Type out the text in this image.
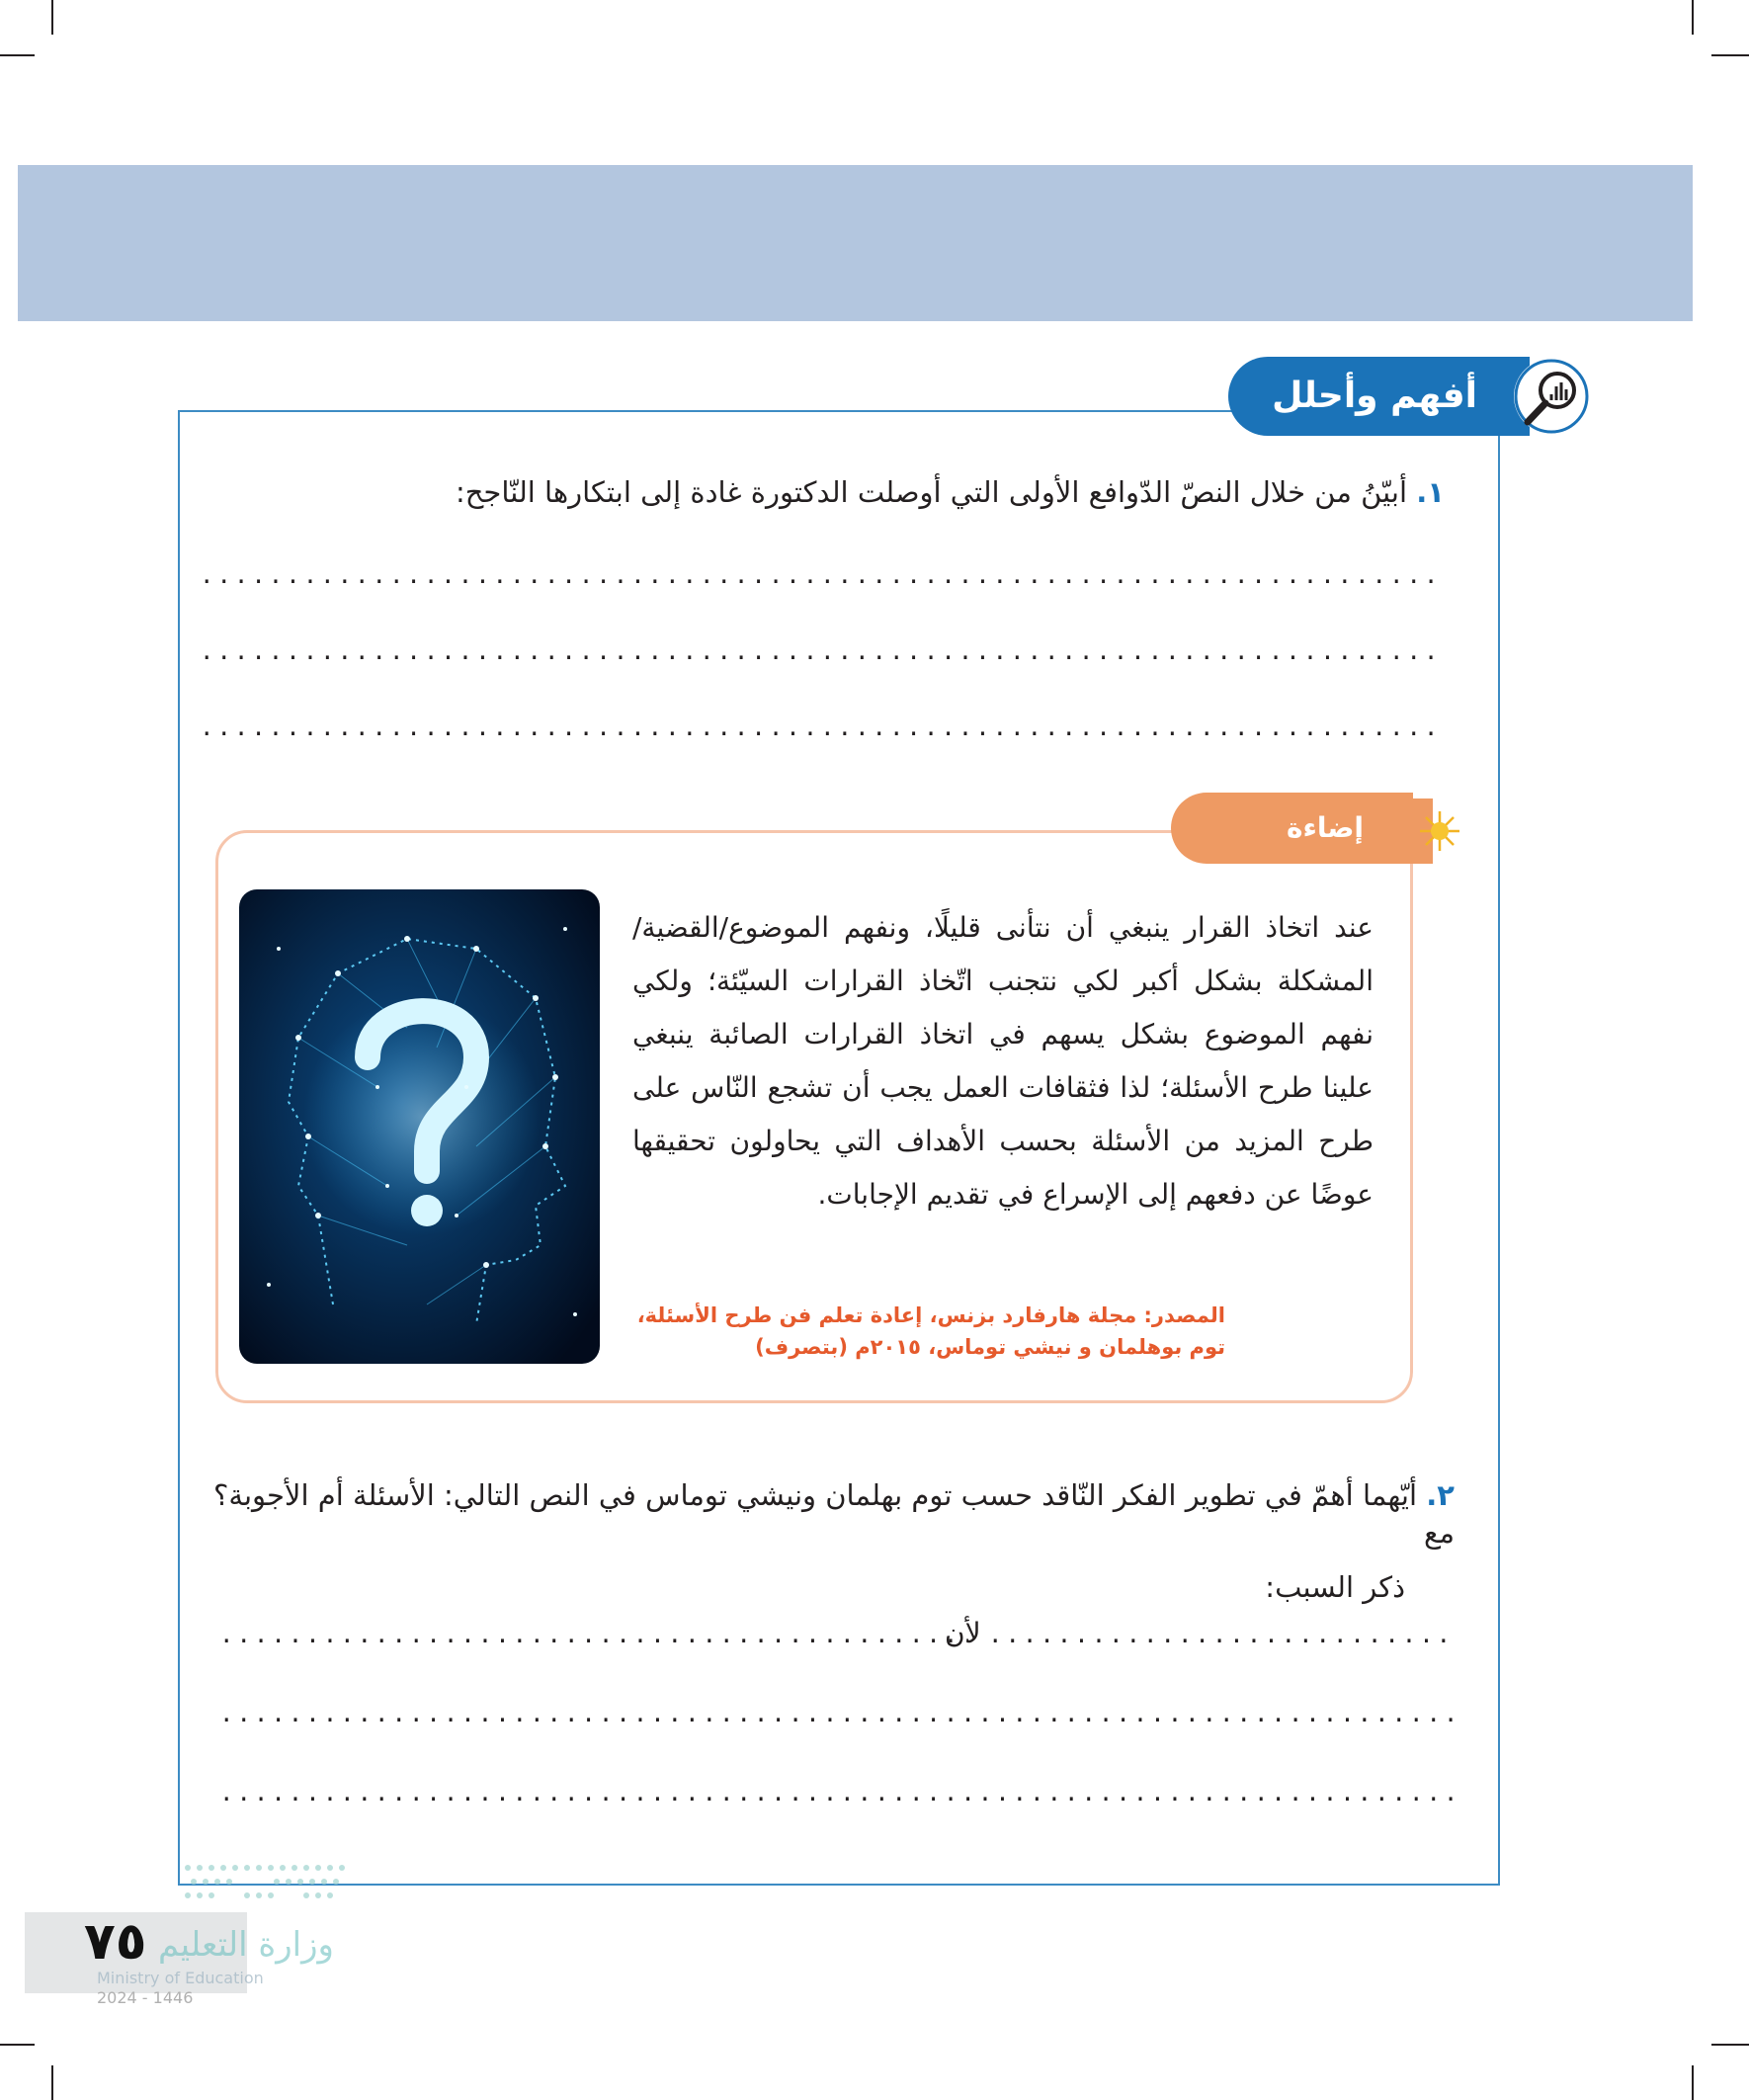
أفهم وأحلل
١. أبيّنُ من خلال النصّ الدّوافع الأولى التي أوصلت الدكتورة غادة إلى ابتكارها النّاجح:
.....
.....
.....
إضاءة
عند اتخاذ القرار ينبغي أن نتأنى قليلًا، ونفهم الموضوع/القضية/المشكلة بشكل أكبر لكي نتجنب اتّخاذ القرارات السيّئة؛ ولكي نفهم الموضوع بشكل يسهم في اتخاذ القرارات الصائبة ينبغي علينا طرح الأسئلة؛ لذا فثقافات العمل يجب أن تشجع النّاس على طرح المزيد من الأسئلة بحسب الأهداف التي يحاولون تحقيقها عوضًا عن دفعهم إلى الإسراع في تقديم الإجابات.
المصدر: مجلة هارفارد بزنس، إعادة تعلم فن طرح الأسئلة،
توم بوهلمان و نيشي توماس، ٢٠١٥م (بتصرف)
٢. أيّهما أهمّ في تطوير الفكر النّاقد حسب توم بهلمان ونيشي توماس في النص التالي: الأسئلة أم الأجوبة؟ مع
ذكر السبب:
.....
لأن
.....
.....
.....
٧٥ وزارة التعليم
Ministry of Education
2024 - 1446
